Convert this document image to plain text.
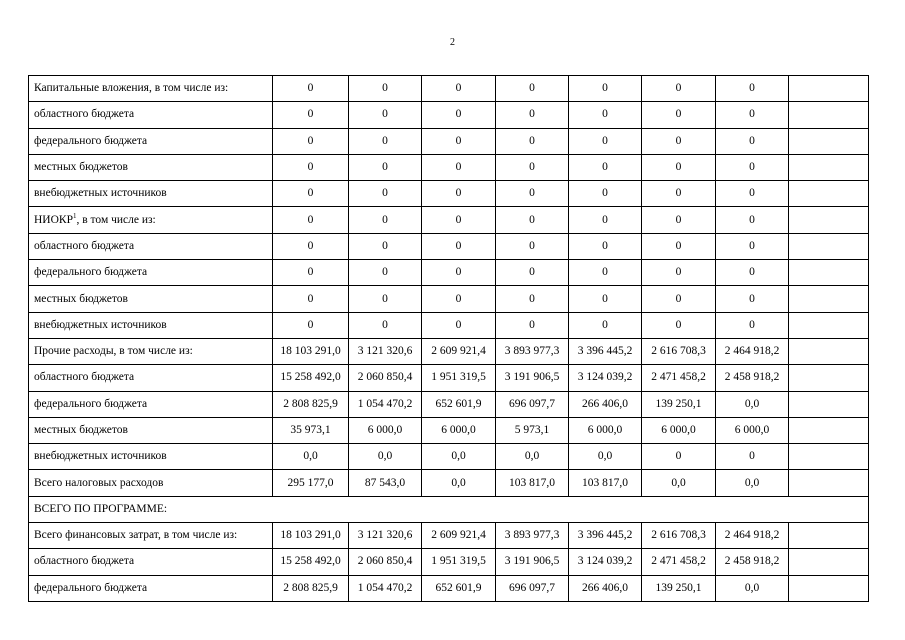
2
Капитальные вложения, в том числе из:	0	0	0	0	0	0	0	
областного бюджета	0	0	0	0	0	0	0	
федерального бюджета	0	0	0	0	0	0	0	
местных бюджетов	0	0	0	0	0	0	0	
внебюджетных источников	0	0	0	0	0	0	0	
НИОКР$^1$, в том числе из:	0	0	0	0	0	0	0	
областного бюджета	0	0	0	0	0	0	0	
федерального бюджета	0	0	0	0	0	0	0	
местных бюджетов	0	0	0	0	0	0	0	
внебюджетных источников	0	0	0	0	0	0	0	
Прочие расходы, в том числе из:	18 103 291,0	3 121 320,6	2 609 921,4	3 893 977,3	3 396 445,2	2 616 708,3	2 464 918,2	
областного бюджета	15 258 492,0	2 060 850,4	1 951 319,5	3 191 906,5	3 124 039,2	2 471 458,2	2 458 918,2	
федерального бюджета	2 808 825,9	1 054 470,2	652 601,9	696 097,7	266 406,0	139 250,1	0,0	
местных бюджетов	35 973,1	6 000,0	6 000,0	5 973,1	6 000,0	6 000,0	6 000,0	
внебюджетных источников	0,0	0,0	0,0	0,0	0,0	0	0	
Всего налоговых расходов	295 177,0	87 543,0	0,0	103 817,0	103 817,0	0,0	0,0	
ВСЕГО ПО ПРОГРАММЕ:								
Всего финансовых затрат, в том числе из:	18 103 291,0	3 121 320,6	2 609 921,4	3 893 977,3	3 396 445,2	2 616 708,3	2 464 918,2	
областного бюджета	15 258 492,0	2 060 850,4	1 951 319,5	3 191 906,5	3 124 039,2	2 471 458,2	2 458 918,2	
федерального бюджета	2 808 825,9	1 054 470,2	652 601,9	696 097,7	266 406,0	139 250,1	0,0	
